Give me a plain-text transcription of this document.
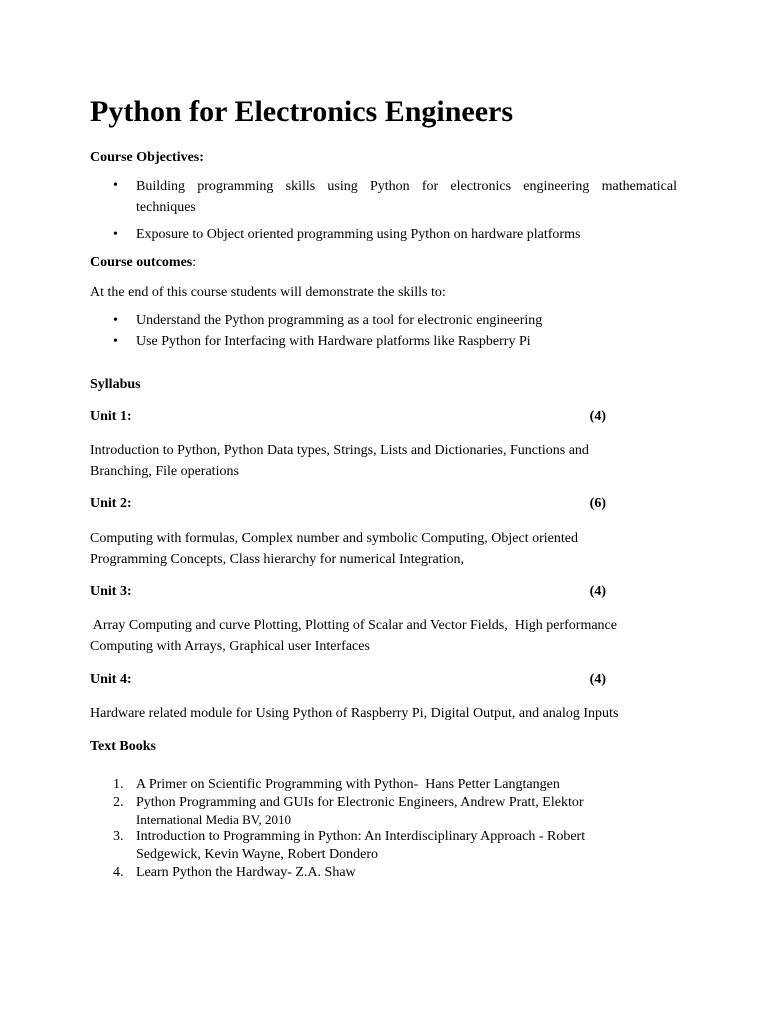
Python for Electronics Engineers
Course Objectives:
• Building programming skills using Python for electronics engineering mathematical
techniques
• Exposure to Object oriented programming using Python on hardware platforms
Course outcomes:
At the end of this course students will demonstrate the skills to:
• Understand the Python programming as a tool for electronic engineering
• Use Python for Interfacing with Hardware platforms like Raspberry Pi
Syllabus
Unit 1:	(4)
Introduction to Python, Python Data types, Strings, Lists and Dictionaries, Functions and
Branching, File operations
Unit 2:	(6)
Computing with formulas, Complex number and symbolic Computing, Object oriented
Programming Concepts, Class hierarchy for numerical Integration,
Unit 3:	(4)
Array Computing and curve Plotting, Plotting of Scalar and Vector Fields,  High performance
Computing with Arrays, Graphical user Interfaces
Unit 4:	(4)
Hardware related module for Using Python of Raspberry Pi, Digital Output, and analog Inputs
Text Books
1. A Primer on Scientific Programming with Python-  Hans Petter Langtangen
2. Python Programming and GUIs for Electronic Engineers, Andrew Pratt, Elektor
International Media BV, 2010
3. Introduction to Programming in Python: An Interdisciplinary Approach - Robert
Sedgewick, Kevin Wayne, Robert Dondero
4. Learn Python the Hardway- Z.A. Shaw
